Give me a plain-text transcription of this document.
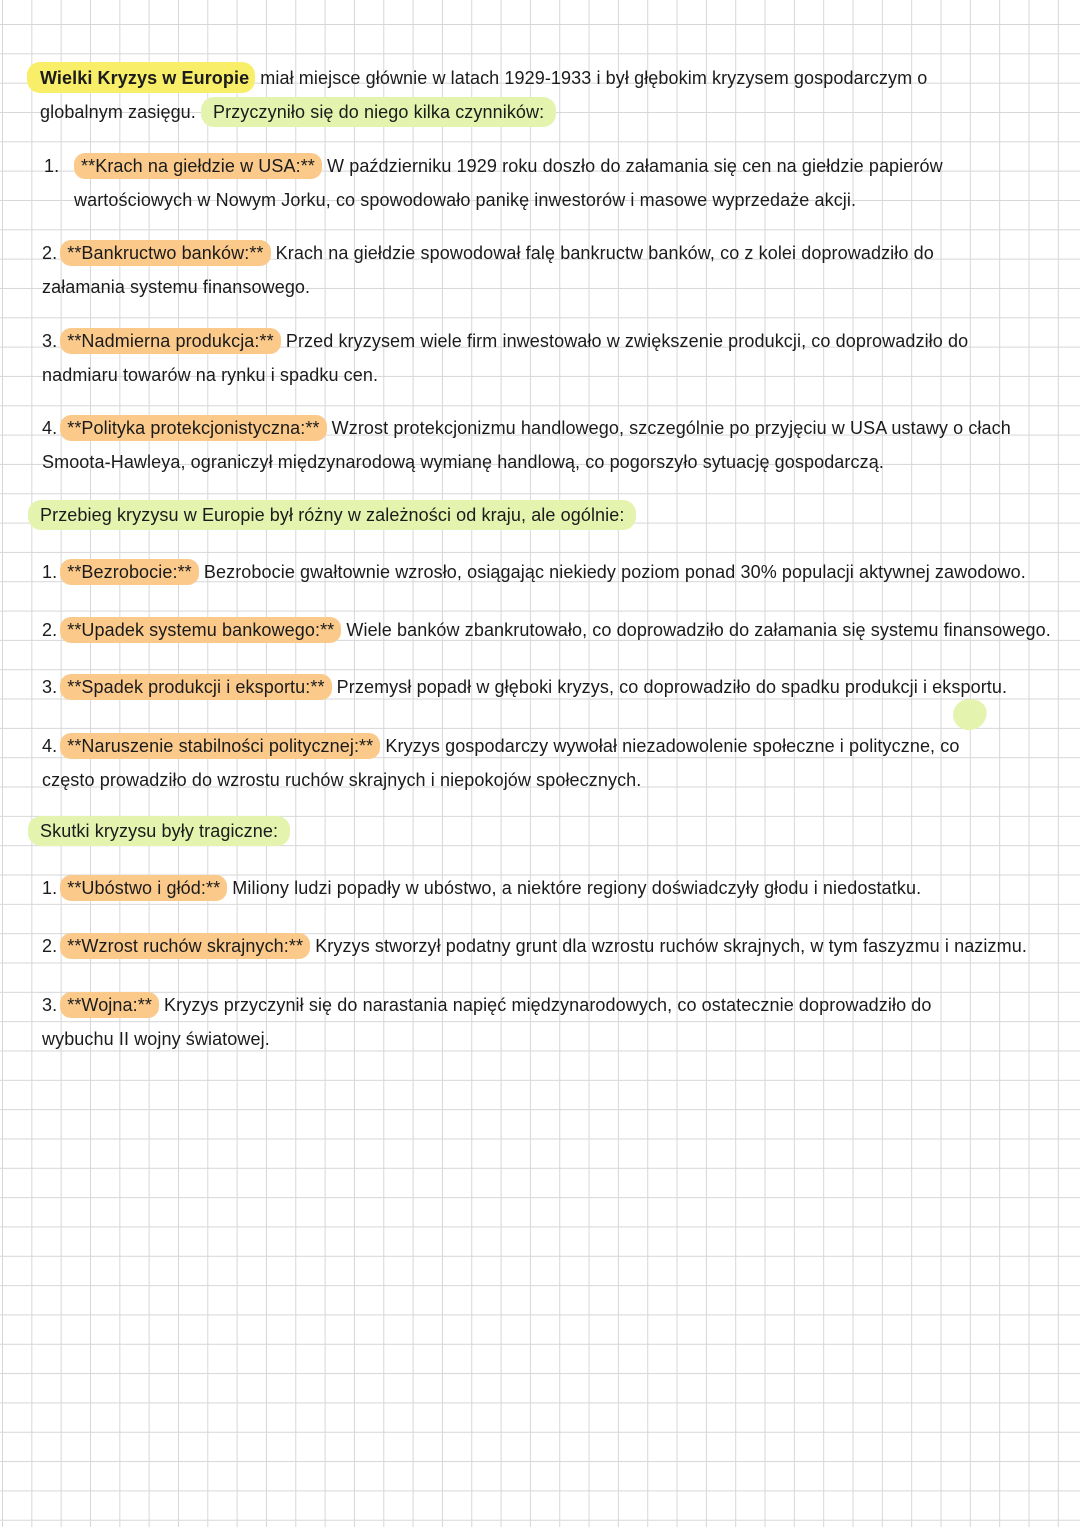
Wielki Kryzys w Europie miał miejsce głównie w latach 1929-1933 i był głębokim kryzysem gospodarczym o globalnym zasięgu. Przyczyniło się do niego kilka czynników:
1. **Krach na giełdzie w USA:** W październiku 1929 roku doszło do załamania się cen na giełdzie papierów wartościowych w Nowym Jorku, co spowodowało panikę inwestorów i masowe wyprzedaże akcji.
2. **Bankructwo banków:** Krach na giełdzie spowodował falę bankructw banków, co z kolei doprowadziło do załamania systemu finansowego.
3. **Nadmierna produkcja:** Przed kryzysem wiele firm inwestowało w zwiększenie produkcji, co doprowadziło do nadmiaru towarów na rynku i spadku cen.
4. **Polityka protekcjonistyczna:** Wzrost protekcjonizmu handlowego, szczególnie po przyjęciu w USA ustawy o cłach Smoota-Hawleya, ograniczył międzynarodową wymianę handlową, co pogorszyło sytuację gospodarczą.
Przebieg kryzysu w Europie był różny w zależności od kraju, ale ogólnie:
1. **Bezrobocie:** Bezrobocie gwałtownie wzrosło, osiągając niekiedy poziom ponad 30% populacji aktywnej zawodowo.
2. **Upadek systemu bankowego:** Wiele banków zbankrutowało, co doprowadziło do załamania się systemu finansowego.
3. **Spadek produkcji i eksportu:** Przemysł popadł w głęboki kryzys, co doprowadziło do spadku produkcji i eksportu.
4. **Naruszenie stabilności politycznej:** Kryzys gospodarczy wywołał niezadowolenie społeczne i polityczne, co często prowadziło do wzrostu ruchów skrajnych i niepokojów społecznych.
Skutki kryzysu były tragiczne:
1. **Ubóstwo i głód:** Miliony ludzi popadły w ubóstwo, a niektóre regiony doświadczyły głodu i niedostatku.
2. **Wzrost ruchów skrajnych:** Kryzys stworzył podatny grunt dla wzrostu ruchów skrajnych, w tym faszyzmu i nazizmu.
3. **Wojna:** Kryzys przyczynił się do narastania napięć międzynarodowych, co ostatecznie doprowadziło do wybuchu II wojny światowej.
